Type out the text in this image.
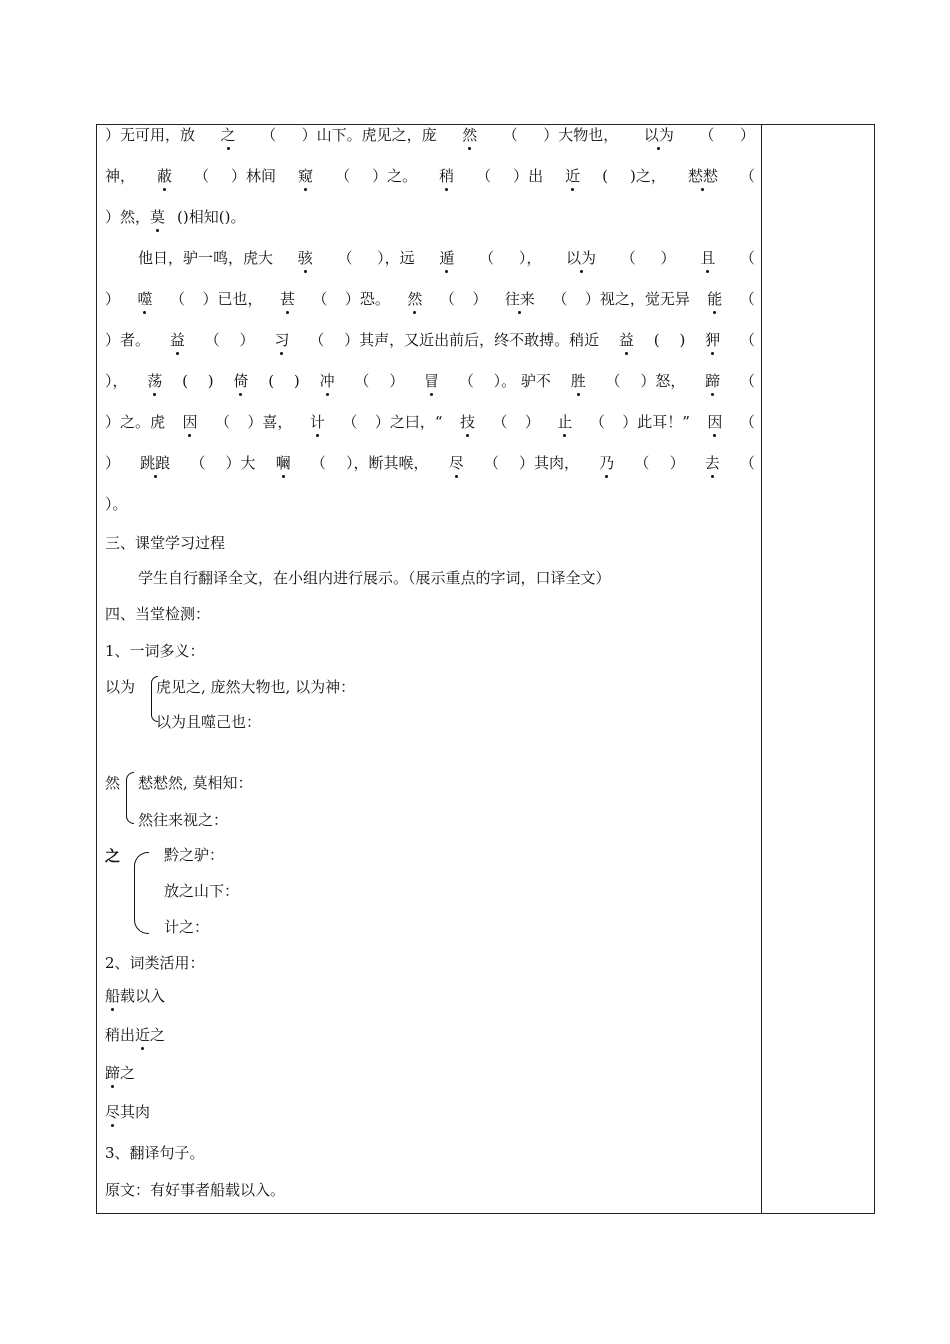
）无可用，放 之 （ ）山下。虎见之，庞 然 （ ）大物也， 以为 （ ）
神， 蔽 （ ）林间 窥 （ ）之。 稍 （ ）出 近 ( )之， 慭慭 （
）然，莫 ()相知()。
他日，驴一鸣，虎大 骇 （ ），远 遁 （ ）， 以为 （ ） 且 （
） 噬 （ ）已也， 甚 （ ）恐。 然 （ ） 往来 （ ）视之，觉无异 能 （
）者。 益 （ ） 习 （ ）其声，又近出前后，终不敢搏。稍近 益 ( ) 狎 （
）， 荡 ( ) 倚 ( ) 冲 （ ） 冒 （ ）。 驴不 胜 （ ）怒， 蹄 （
）之。虎 因 （ ）喜， 计 （ ）之曰，“ 技 （ ） 止 （ ）此耳！” 因 （
） 跳踉 （ ）大 㘎 （ ），断其喉， 尽 （ ）其肉， 乃 （ ） 去 （
）。
三、课堂学习过程
学生自行翻译全文，在小组内进行展示。（展示重点的字词，口译全文）
四、当堂检测：
1、一词多义：
以为 虎见之, 庞然大物也, 以为神：
以为且噬己也：
然 慭慭然, 莫相知：
然往来视之：
之	黔之驴：
放之山下：
计之：
2、词类活用：
船载以入
稍出近之
蹄之
尽其肉
3、翻译句子。
原文：有好事者船载以入。
